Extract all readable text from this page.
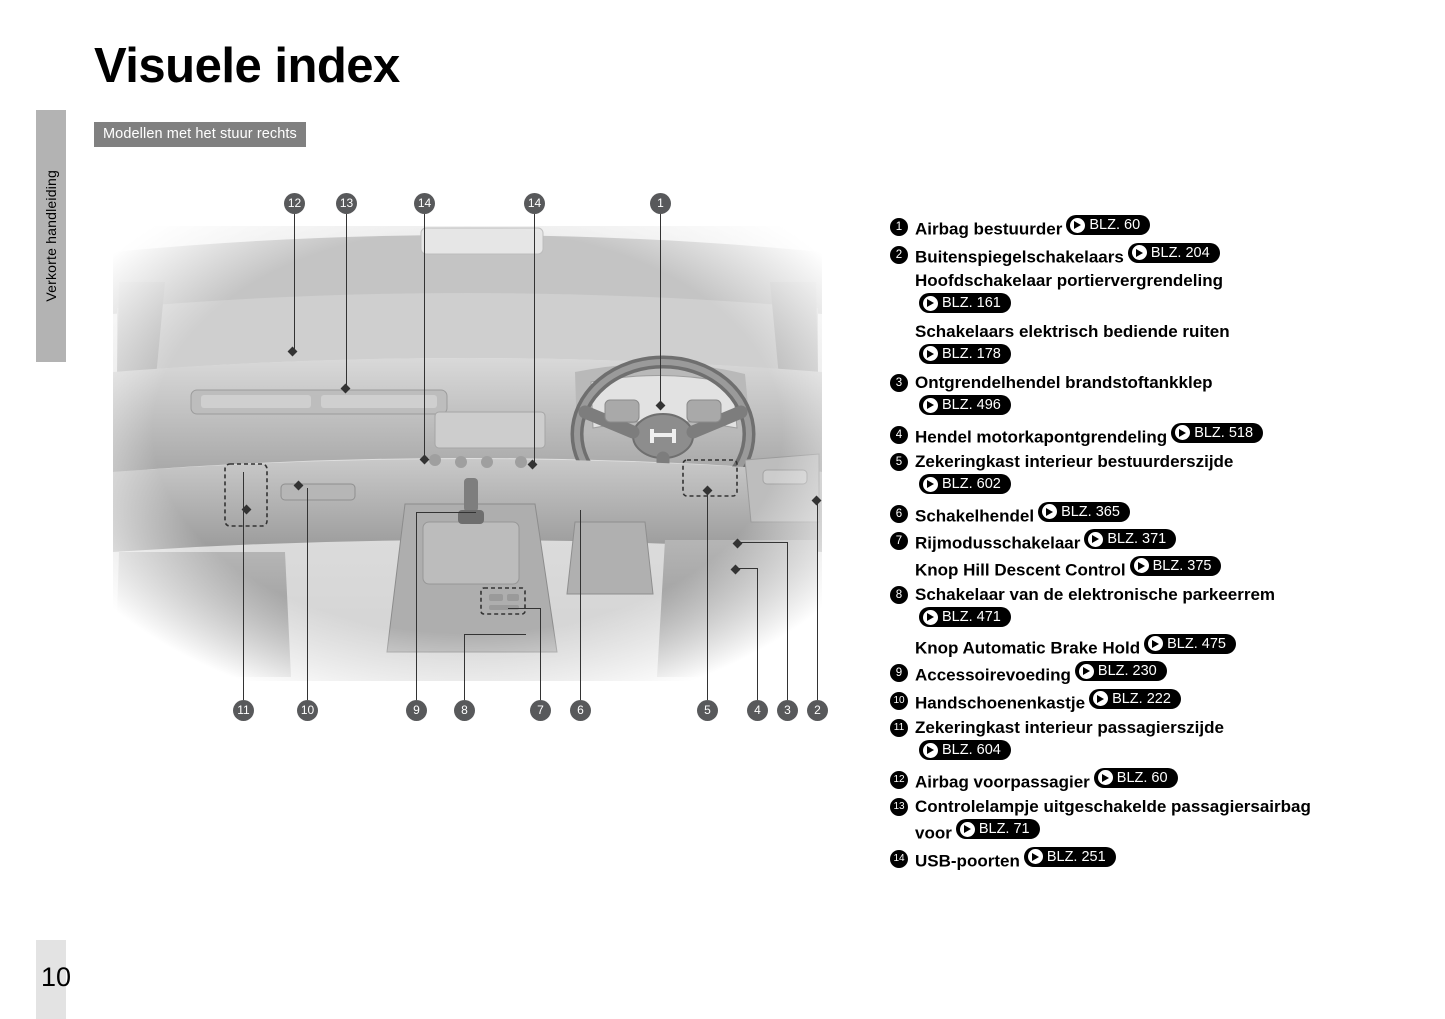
Verkorte handleiding
10
Visuele index
Modellen met het stuur rechts
12	13	14	14	1
11	10	9	8	7	6	5	4	3	2
1 Airbag bestuurder BLZ. 60
2 Buitenspiegelschakelaars BLZ. 204
Hoofdschakelaar portiervergrendeling
BLZ. 161
Schakelaars elektrisch bediende ruiten
BLZ. 178
3 Ontgrendelhendel brandstoftankklep
BLZ. 496
4 Hendel motorkapontgrendeling BLZ. 518
5 Zekeringkast interieur bestuurderszijde
BLZ. 602
6 Schakelhendel BLZ. 365
7 Rijmodusschakelaar BLZ. 371
Knop Hill Descent Control BLZ. 375
8 Schakelaar van de elektronische parkeerrem
BLZ. 471
Knop Automatic Brake Hold BLZ. 475
9 Accessoirevoeding BLZ. 230
10 Handschoenenkastje BLZ. 222
11 Zekeringkast interieur passagierszijde
BLZ. 604
12 Airbag voorpassagier BLZ. 60
13 Controlelampje uitgeschakelde passagiersairbag
voor BLZ. 71
14 USB-poorten BLZ. 251
